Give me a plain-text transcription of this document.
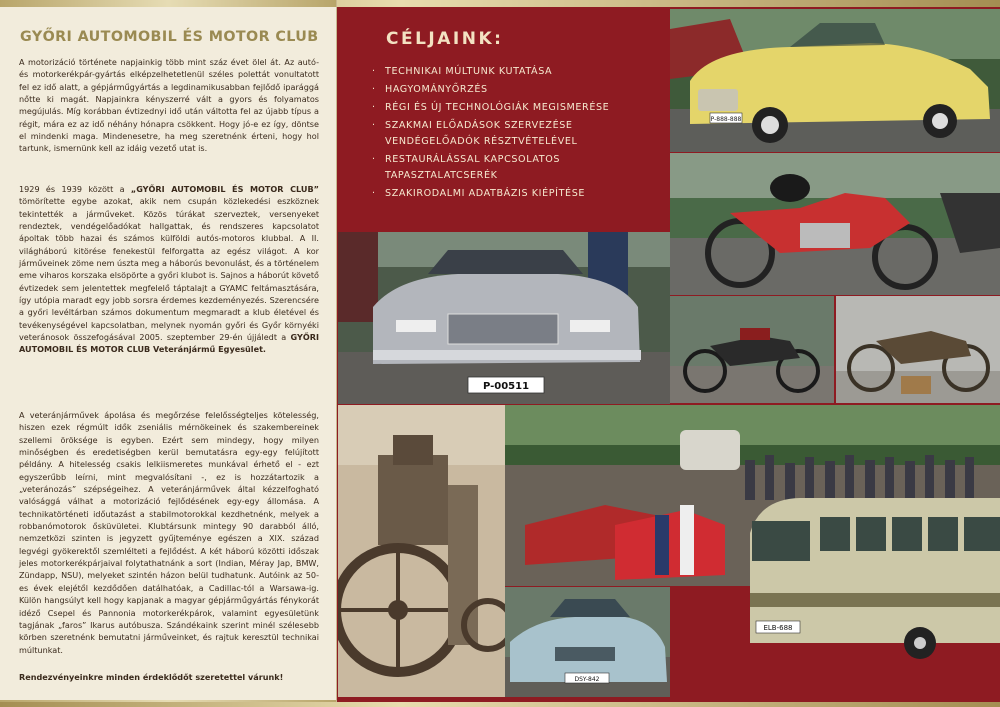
GYŐRI AUTOMOBIL ÉS MOTOR CLUB

A motorizáció története napjainkig több mint száz évet ölel át. Az autó- és motorkerékpár-gyártás elképzelhetetlenül széles polettát vonultatott fel ez idő alatt, a gépjárműgyártás a legdinamikusabban fejlődő iparággá nőtte ki magát. Napjainkra kényszerré vált a gyors és folyamatos megújulás. Míg korábban évtizednyi idő után váltotta fel az újabb típus a régit, mára ez az idő néhány hónapra csökkent. Hogy jó-e ez így, döntse el mindenki maga. Mindenesetre, ha meg szeretnénk érteni, hogy hol tartunk, ismernünk kell az idáig vezető utat is.

1929 és 1939 között a „GYŐRI AUTOMOBIL ÉS MOTOR CLUB” tömörítette egybe azokat, akik nem csupán közlekedési eszköznek tekintették a járműveket. Közös túrákat szerveztek, versenyeket rendeztek, vendégelőadókat hallgattak, és rendszeres kapcsolatot ápoltak több hazai és számos külföldi autós-motoros klubbal. A II. világháború kitörése fenekestül felforgatta az egész világot. A kor járműveinek zöme nem úszta meg a háborús bevonulást, és a történelem eme viharos korszaka elsöpörte a győri klubot is. Sajnos a háborút követő évtizedek sem jelentettek megfelelő táptalajt a GYAMC feltámasztására, így utópia maradt egy jobb sorsra érdemes kezdeményezés. Szerencsére a győri levéltárban számos dokumentum megmaradt a klub életével és tevékenységével kapcsolatban, melynek nyomán győri és Győr környéki veteránosok összefogásával 2005. szeptember 29-én újjáledt a GYŐRI AUTOMOBIL ÉS MOTOR CLUB Veteránjármű Egyesület.

A veteránjárművek ápolása és megőrzése felelősségteljes kötelesség, hiszen ezek régmúlt idők zseniális mérnökeinek és szakembereinek szellemi öröksége is egyben. Ezért sem mindegy, hogy milyen minőségben és eredetiségben kerül bemutatásra egy-egy felújított példány. A hitelesség csakis lelkiismeretes munkával érhető el - ezt egyszerűbb leírni, mint megvalósítani -, ez is hozzátartozik a „veteránozás” szépségeihez. A veteránjárművek által kézzelfogható valósággá válhat a motorizáció fejlődésének egy-egy állomása. A technikatörténeti időutazást a stabilmotorokkal kezdhetnénk, melyek a robbanómotorok ősküvületei. Klubtársunk mintegy 90 darabból álló, nemzetközi szinten is jegyzett gyűjteménye egészen a XIX. század legvégi gyökerektől szemlélteti a fejlődést. A két háború közötti időszak jeles motorkerékpárjaival folytathatnánk a sort (Indian, Méray Jap, BMW, Zündapp, NSU), melyeket szintén házon belül tudhatunk. Autóink az 50-es évek elejétől kezdődően datálhatóak, a Cadillac-tól a Warsawa-ig. Külön hangsúlyt kell hogy kapjanak a magyar gépjárműgyártás fénykorát idéző Csepel és Pannonia motorkerékpárok, valamint egyesületünk tagjának „faros” Ikarus autóbusza. Szándékaink szerint minél szélesebb körben szeretnénk bemutatni járműveinket, és rajtuk keresztül technikai múltunkat.

Rendezvényeinkre minden érdeklődőt szeretettel várunk!
CÉLJAINK:
· TECHNIKAI MÚLTUNK KUTATÁSA
· HAGYOMÁNYŐRZÉS
· RÉGI ÉS ÚJ TECHNOLÓGIÁK MEGISMERÉSE
· SZAKMAI ELŐADÁSOK SZERVEZÉSE VENDÉGELŐADÓK RÉSZTVÉTELÉVEL
· RESTAURÁLÁSSAL KAPCSOLATOS TAPASZTALATCSERÉK
· SZAKIRODALMI ADATBÁZIS KIÉPÍTÉSE
P-888-888
P-00511
DSY-842
ELB-688
